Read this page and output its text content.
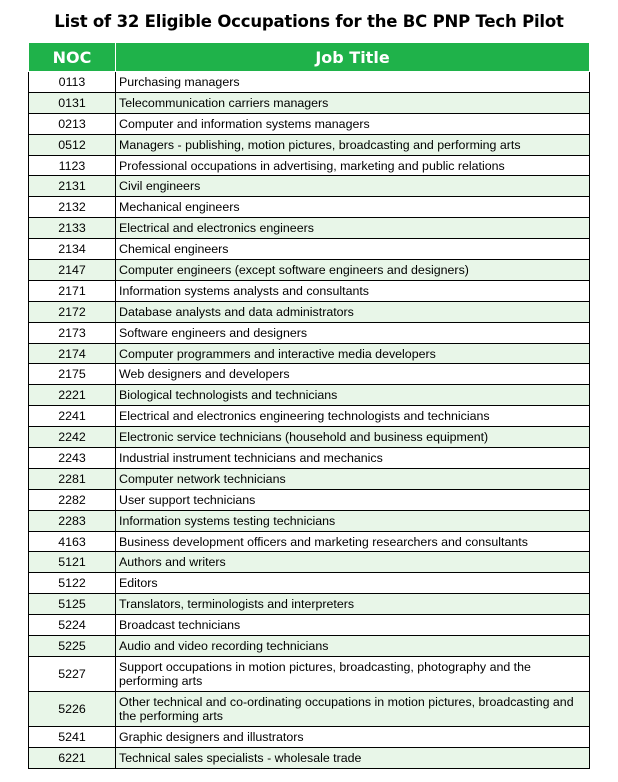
List of 32 Eligible Occupations for the BC PNP Tech Pilot
NOC	Job Title
0113	Purchasing managers
0131	Telecommunication carriers managers
0213	Computer and information systems managers
0512	Managers - publishing, motion pictures, broadcasting and performing arts
1123	Professional occupations in advertising, marketing and public relations
2131	Civil engineers
2132	Mechanical engineers
2133	Electrical and electronics engineers
2134	Chemical engineers
2147	Computer engineers (except software engineers and designers)
2171	Information systems analysts and consultants
2172	Database analysts and data administrators
2173	Software engineers and designers
2174	Computer programmers and interactive media developers
2175	Web designers and developers
2221	Biological technologists and technicians
2241	Electrical and electronics engineering technologists and technicians
2242	Electronic service technicians (household and business equipment)
2243	Industrial instrument technicians and mechanics
2281	Computer network technicians
2282	User support technicians
2283	Information systems testing technicians
4163	Business development officers and marketing researchers and consultants
5121	Authors and writers
5122	Editors
5125	Translators, terminologists and interpreters
5224	Broadcast technicians
5225	Audio and video recording technicians
5227	Support occupations in motion pictures, broadcasting, photography and the performing arts
5226	Other technical and co-ordinating occupations in motion pictures, broadcasting and the performing arts
5241	Graphic designers and illustrators
6221	Technical sales specialists - wholesale trade
